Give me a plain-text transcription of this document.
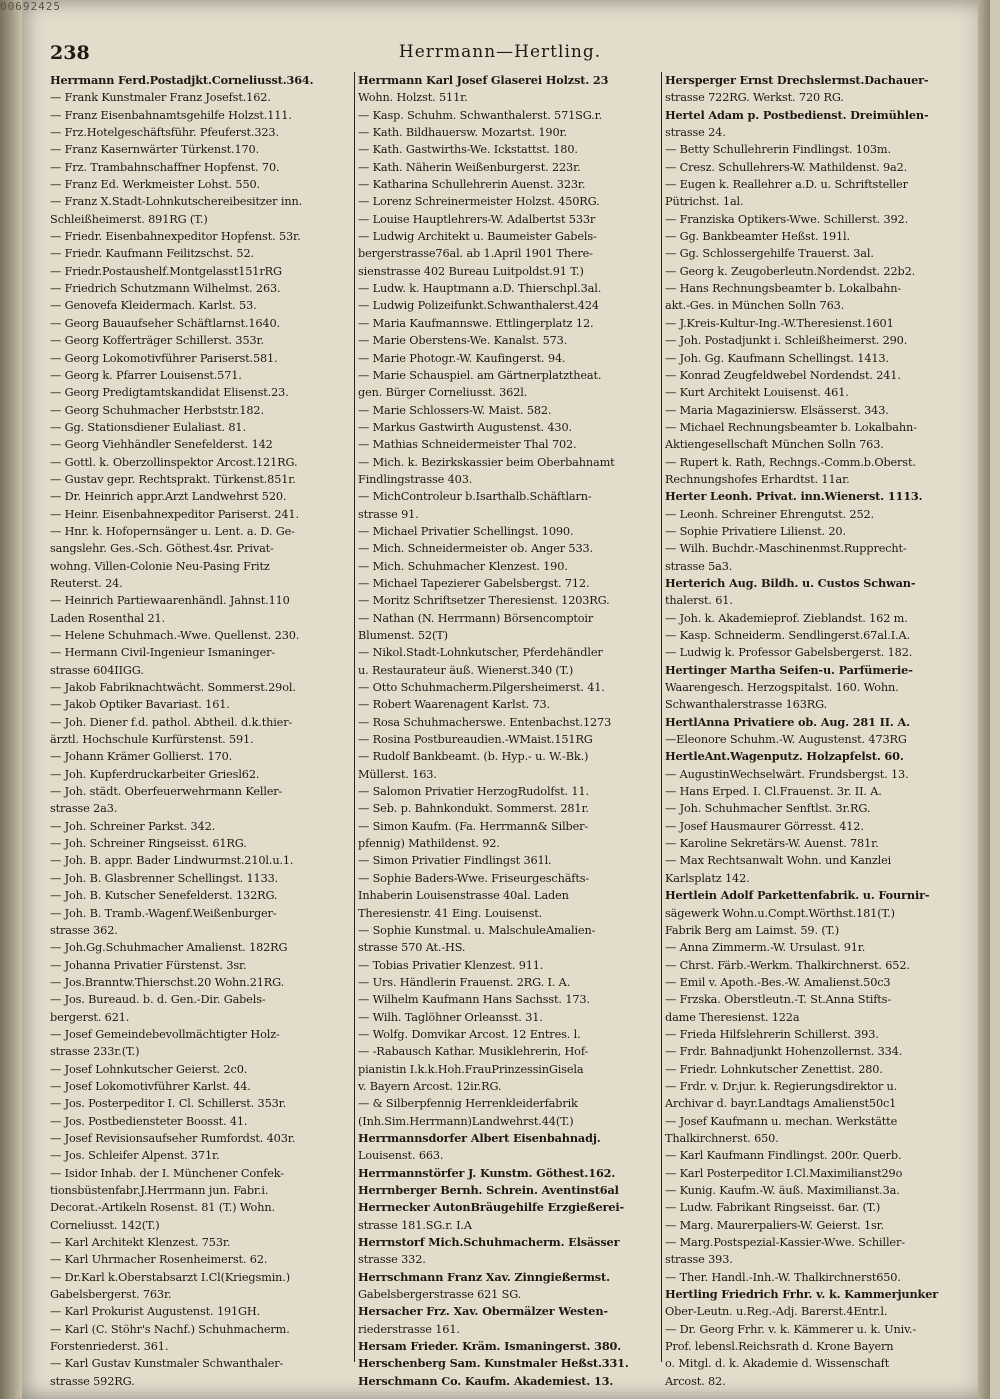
00692425
238	Herrmann—Hertling.
Herrmann Ferd.Postadjkt.Corneliusst.364.
— Frank Kunstmaler Franz Josefst.162.
— Franz Eisenbahnamtsgehilfe Holzst.111.
— Frz.Hotelgeschäftsführ. Pfeuferst.323.
— Franz Kasernwärter Türkenst.170.
— Frz. Trambahnschaffner Hopfenst. 70.
— Franz Ed. Werkmeister Lohst. 550.
— Franz X.Stadt-Lohnkutschereibesitzer inn.
Schleißheimerst. 891RG (T.)
— Friedr. Eisenbahnexpeditor Hopfenst. 53r.
— Friedr. Kaufmann Feilitzschst. 52.
— Friedr.Postaushelf.Montgelasst151rRG
— Friedrich Schutzmann Wilhelmst. 263.
— Genovefa Kleidermach. Karlst. 53.
— Georg Bauaufseher Schäftlarnst.1640.
— Georg Kofferträger Schillerst. 353r.
— Georg Lokomotivführer Pariserst.581.
— Georg k. Pfarrer Louisenst.571.
— Georg Predigtamtskandidat Elisenst.23.
— Georg Schuhmacher Herbststr.182.
— Gg. Stationsdiener Eulaliast. 81.
— Georg Viehhändler Senefelderst. 142
— Gottl. k. Oberzollinspektor Arcost.121RG.
— Gustav gepr. Rechtsprakt. Türkenst.851r.
— Dr. Heinrich appr.Arzt Landwehrst 520.
— Heinr. Eisenbahnexpeditor Pariserst. 241.
— Hnr. k. Hofopernsänger u. Lent. a. D. Ge-
sangslehr. Ges.-Sch. Göthest.4sr. Privat-
wohng. Villen-Colonie Neu-Pasing Fritz
Reuterst. 24.
— Heinrich Partiewaarenhändl. Jahnst.110
Laden Rosenthal 21.
— Helene Schuhmach.-Wwe. Quellenst. 230.
— Hermann Civil-Ingenieur Ismaninger-
strasse 604IIGG.
— Jakob Fabriknachtwächt. Sommerst.29ol.
— Jakob Optiker Bavariast. 161.
— Joh. Diener f.d. pathol. Abtheil. d.k.thier-
ärztl. Hochschule Kurfürstenst. 591.
— Johann Krämer Gollierst. 170.
— Joh. Kupferdruckarbeiter Griesl62.
— Joh. städt. Oberfeuerwehrmann Keller-
strasse 2a3.
— Joh. Schreiner Parkst. 342.
— Joh. Schreiner Ringseisst. 61RG.
— Joh. B. appr. Bader Lindwurmst.210l.u.1.
— Joh. B. Glasbrenner Schellingst. 1133.
— Joh. B. Kutscher Senefelderst. 132RG.
— Joh. B. Tramb.-Wagenf.Weißenburger-
strasse 362.
— Joh.Gg.Schuhmacher Amalienst. 182RG
— Johanna Privatier Fürstenst. 3sr.
— Jos.Branntw.Thierschst.20 Wohn.21RG.
— Jos. Bureaud. b. d. Gen.-Dir. Gabels-
bergerst. 621.
— Josef Gemeindebevollmächtigter Holz-
strasse 233r.(T.)
— Josef Lohnkutscher Geierst. 2c0.
— Josef Lokomotivführer Karlst. 44.
— Jos. Posterpeditor I. Cl. Schillerst. 353r.
— Jos. Postbediensteter Boosst. 41.
— Josef Revisionsaufseher Rumfordst. 403r.
— Jos. Schleifer Alpenst. 371r.
— Isidor Inhab. der I. Münchener Confek-
tionsbüstenfabr.J.Herrmann jun. Fabr.i.
Decorat.-Artikeln Rosenst. 81 (T.) Wohn.
Corneliusst. 142(T.)
— Karl Architekt Klenzest. 753r.
— Karl Uhrmacher Rosenheimerst. 62.
— Dr.Karl k.Oberstabsarzt I.Cl(Kriegsmin.)
Gabelsbergerst. 763r.
— Karl Prokurist Augustenst. 191GH.
— Karl (C. Stöhr's Nachf.) Schuhmacherm.
Forstenriederst. 361.
— Karl Gustav Kunstmaler Schwanthaler-
strasse 592RG.
Herrmann Karl Josef Glaserei Holzst. 23
Wohn. Holzst. 511r.
— Kasp. Schuhm. Schwanthalerst. 571SG.r.
— Kath. Bildhauersw. Mozartst. 190r.
— Kath. Gastwirths-We. Ickstattst. 180.
— Kath. Näherin Weißenburgerst. 223r.
— Katharina Schullehrerin Auenst. 323r.
— Lorenz Schreinermeister Holzst. 450RG.
— Louise Hauptlehrers-W. Adalbertst 533r
— Ludwig Architekt u. Baumeister Gabels-
bergerstrasse76al. ab 1.April 1901 There-
sienstrasse 402 Bureau Luitpoldst.91 T.)
— Ludw. k. Hauptmann a.D. Thierschpl.3al.
— Ludwig Polizeifunkt.Schwanthalerst.424
— Maria Kaufmannswe. Ettlingerplatz 12.
— Marie Oberstens-We. Kanalst. 573.
— Marie Photogr.-W. Kaufingerst. 94.
— Marie Schauspiel. am Gärtnerplatztheat.
gen. Bürger Corneliusst. 362l.
— Marie Schlossers-W. Maist. 582.
— Markus Gastwirth Augustenst. 430.
— Mathias Schneidermeister Thal 702.
— Mich. k. Bezirkskassier beim Oberbahnamt
Findlingstrasse 403.
— MichControleur b.Isarthalb.Schäftlarn-
strasse 91.
— Michael Privatier Schellingst. 1090.
— Mich. Schneidermeister ob. Anger 533.
— Mich. Schuhmacher Klenzest. 190.
— Michael Tapezierer Gabelsbergst. 712.
— Moritz Schriftsetzer Theresienst. 1203RG.
— Nathan (N. Herrmann) Börsencomptoir
Blumenst. 52(T)
— Nikol.Stadt-Lohnkutscher, Pferdehändler
u. Restaurateur äuß. Wienerst.340 (T.)
— Otto Schuhmacherm.Pilgersheimerst. 41.
— Robert Waarenagent Karlst. 73.
— Rosa Schuhmacherswe. Entenbachst.1273
— Rosina Postbureaudien.-WMaist.151RG
— Rudolf Bankbeamt. (b. Hyp.- u. W.-Bk.)
Müllerst. 163.
— Salomon Privatier HerzogRudolfst. 11.
— Seb. p. Bahnkondukt. Sommerst. 281r.
— Simon Kaufm. (Fa. Herrmann& Silber-
pfennig) Mathildenst. 92.
— Simon Privatier Findlingst 361l.
— Sophie Baders-Wwe. Friseurgeschäfts-
Inhaberin Louisenstrasse 40al. Laden
Theresienstr. 41 Eing. Louisenst.
— Sophie Kunstmal. u. MalschuleAmalien-
strasse 570 At.-HS.
— Tobias Privatier Klenzest. 911.
— Urs. Händlerin Frauenst. 2RG. I. A.
— Wilhelm Kaufmann Hans Sachsst. 173.
— Wilh. Taglöhner Orleansst. 31.
— Wolfg. Domvikar Arcost. 12 Entres. l.
— -Rabausch Kathar. Musiklehrerin, Hof-
pianistin I.k.k.Hoh.FrauPrinzessinGisela
v. Bayern Arcost. 12ir.RG.
— & Silberpfennig Herrenkleiderfabrik
(Inh.Sim.Herrmann)Landwehrst.44(T.)
Herrmannsdorfer Albert Eisenbahnadj.
Louisenst. 663.
Herrmannstörfer J. Kunstm. Göthest.162.
Herrnberger Bernh. Schrein. Aventinst6al
Herrnecker AutonBräugehilfe Erzgießerei-
strasse 181.SG.r. I.A
Herrnstorf Mich.Schuhmacherm. Elsässer
strasse 332.
Herrschmann Franz Xav. Zinngießermst.
Gabelsbergerstrasse 621 SG.
Hersacher Frz. Xav. Obermälzer Westen-
riederstrasse 161.
Hersam Frieder. Kräm. Ismaningerst. 380.
Herschenberg Sam. Kunstmaler Heßst.331.
Herschmann Co. Kaufm. Akademiest. 13.
Hersperger Ernst Drechslermst.Dachauer-
strasse 722RG. Werkst. 720 RG.
Hertel Adam p. Postbedienst. Dreimühlen-
strasse 24.
— Betty Schullehrerin Findlingst. 103m.
— Cresz. Schullehrers-W. Mathildenst. 9a2.
— Eugen k. Reallehrer a.D. u. Schriftsteller
Pütrichst. 1al.
— Franziska Optikers-Wwe. Schillerst. 392.
— Gg. Bankbeamter Heßst. 191l.
— Gg. Schlossergehilfe Trauerst. 3al.
— Georg k. Zeugoberleutn.Nordendst. 22b2.
— Hans Rechnungsbeamter b. Lokalbahn-
akt.-Ges. in München Solln 763.
— J.Kreis-Kultur-Ing.-W.Theresienst.1601
— Joh. Postadjunkt i. Schleißheimerst. 290.
— Joh. Gg. Kaufmann Schellingst. 1413.
— Konrad Zeugfeldwebel Nordendst. 241.
— Kurt Architekt Louisenst. 461.
— Maria Magaziniersw. Elsässerst. 343.
— Michael Rechnungsbeamter b. Lokalbahn-
Aktiengesellschaft München Solln 763.
— Rupert k. Rath, Rechngs.-Comm.b.Oberst.
Rechnungshofes Erhardtst. 11ar.
Herter Leonh. Privat. inn.Wienerst. 1113.
— Leonh. Schreiner Ehrengutst. 252.
— Sophie Privatiere Lilienst. 20.
— Wilh. Buchdr.-Maschinenmst.Rupprecht-
strasse 5a3.
Herterich Aug. Bildh. u. Custos Schwan-
thalerst. 61.
— Joh. k. Akademieprof. Zieblandst. 162 m.
— Kasp. Schneiderm. Sendlingerst.67al.I.A.
— Ludwig k. Professor Gabelsbergerst. 182.
Hertinger Martha Seifen-u. Parfümerie-
Waarengesch. Herzogspitalst. 160. Wohn.
Schwanthalerstrasse 163RG.
HertlAnna Privatiere ob. Aug. 281 II. A.
—Eleonore Schuhm.-W. Augustenst. 473RG
HertleAnt.Wagenputz. Holzapfelst. 60.
— AugustinWechselwärt. Frundsbergst. 13.
— Hans Erped. I. Cl.Frauenst. 3r. II. A.
— Joh. Schuhmacher Senftlst. 3r.RG.
— Josef Hausmaurer Görresst. 412.
— Karoline Sekretärs-W. Auenst. 781r.
— Max Rechtsanwalt Wohn. und Kanzlei
Karlsplatz 142.
Hertlein Adolf Parkettenfabrik. u. Fournir-
sägewerk Wohn.u.Compt.Wörthst.181(T.)
Fabrik Berg am Laimst. 59. (T.)
— Anna Zimmerm.-W. Ursulast. 91r.
— Chrst. Färb.-Werkm. Thalkirchnerst. 652.
— Emil v. Apoth.-Bes.-W. Amalienst.50c3
— Frzska. Oberstleutn.-T. St.Anna Stifts-
dame Theresienst. 122a
— Frieda Hilfslehrerin Schillerst. 393.
— Frdr. Bahnadjunkt Hohenzollernst. 334.
— Friedr. Lohnkutscher Zenettist. 280.
— Frdr. v. Dr.jur. k. Regierungsdirektor u.
Archivar d. bayr.Landtags Amalienst50c1
— Josef Kaufmann u. mechan. Werkstätte
Thalkirchnerst. 650.
— Karl Kaufmann Findlingst. 200r. Querb.
— Karl Posterpeditor I.Cl.Maximilianst29o
— Kunig. Kaufm.-W. äuß. Maximilianst.3a.
— Ludw. Fabrikant Ringseisst. 6ar. (T.)
— Marg. Maurerpaliers-W. Geierst. 1sr.
— Marg.Postspezial-Kassier-Wwe. Schiller-
strasse 393.
— Ther. Handl.-Inh.-W. Thalkirchnerst650.
Hertling Friedrich Frhr. v. k. Kammerjunker
Ober-Leutn. u.Reg.-Adj. Barerst.4Entr.l.
— Dr. Georg Frhr. v. k. Kämmerer u. k. Univ.-
Prof. lebensl.Reichsrath d. Krone Bayern
o. Mitgl. d. k. Akademie d. Wissenschaft
Arcost. 82.
